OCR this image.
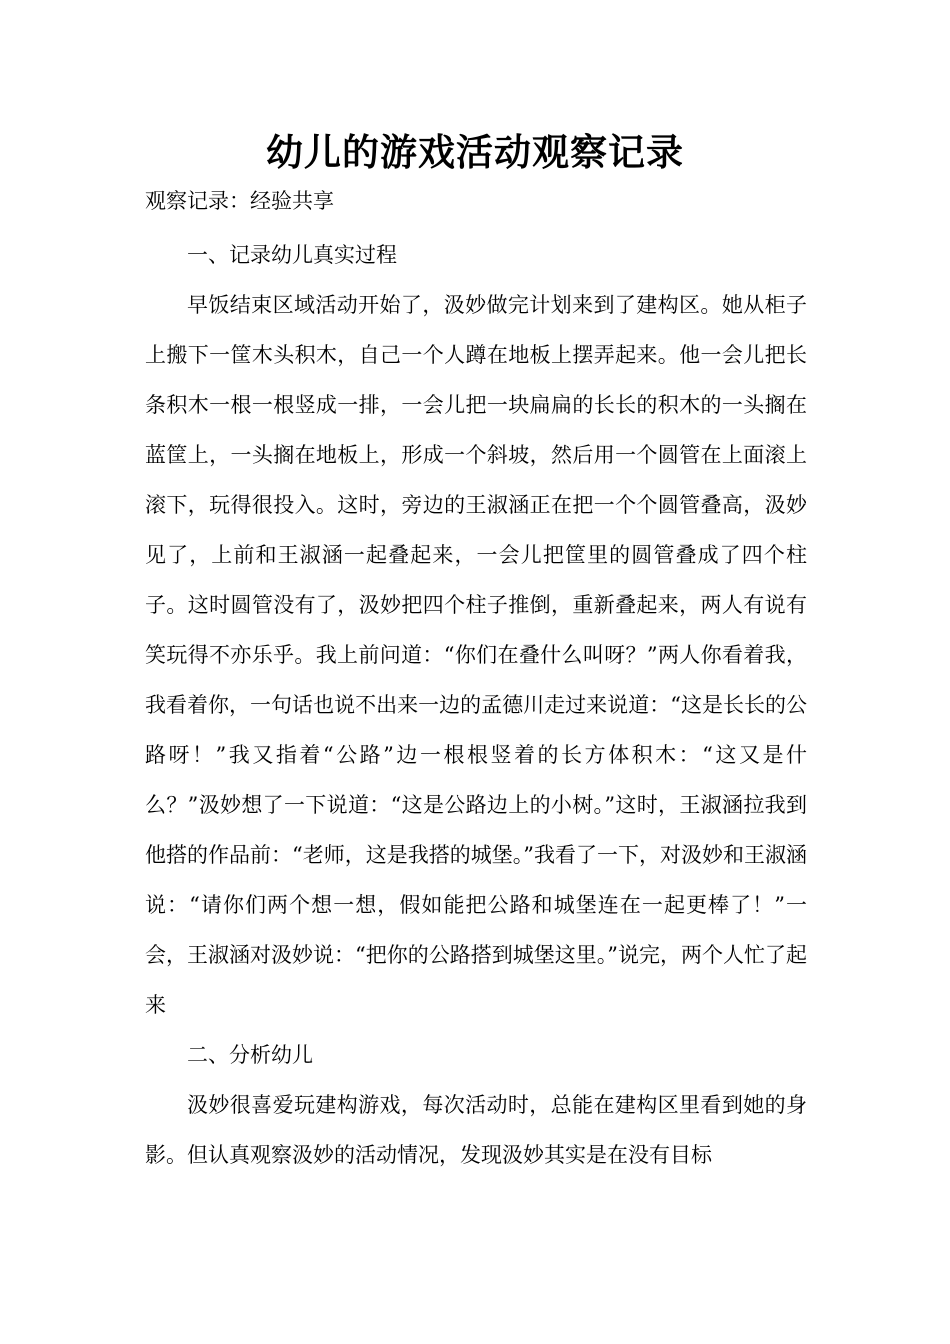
幼儿的游戏活动观察记录
观察记录：经验共享

一、记录幼儿真实过程

早饭结束区域活动开始了，汲妙做完计划来到了建构区。她从柜子上搬下一筐木头积木，自己一个人蹲在地板上摆弄起来。他一会儿把长条积木一根一根竖成一排，一会儿把一块扁扁的长长的积木的一头搁在蓝筐上，一头搁在地板上，形成一个斜坡，然后用一个圆管在上面滚上滚下，玩得很投入。这时，旁边的王淑涵正在把一个个圆管叠高，汲妙见了，上前和王淑涵一起叠起来，一会儿把筐里的圆管叠成了四个柱子。这时圆管没有了，汲妙把四个柱子推倒，重新叠起来，两人有说有笑玩得不亦乐乎。我上前问道：“你们在叠什么叫呀？”两人你看着我，我看着你，一句话也说不出来一边的孟德川走过来说道：“这是长长的公路呀！”我又指着“公路”边一根根竖着的长方体积木：“这又是什么？”汲妙想了一下说道：“这是公路边上的小树。”这时，王淑涵拉我到他搭的作品前：“老师，这是我搭的城堡。”我看了一下，对汲妙和王淑涵说：“请你们两个想一想，假如能把公路和城堡连在一起更棒了！”一会，王淑涵对汲妙说：“把你的公路搭到城堡这里。”说完，两个人忙了起来

二、分析幼儿

汲妙很喜爱玩建构游戏，每次活动时，总能在建构区里看到她的身影。但认真观察汲妙的活动情况，发现汲妙其实是在没有目标
